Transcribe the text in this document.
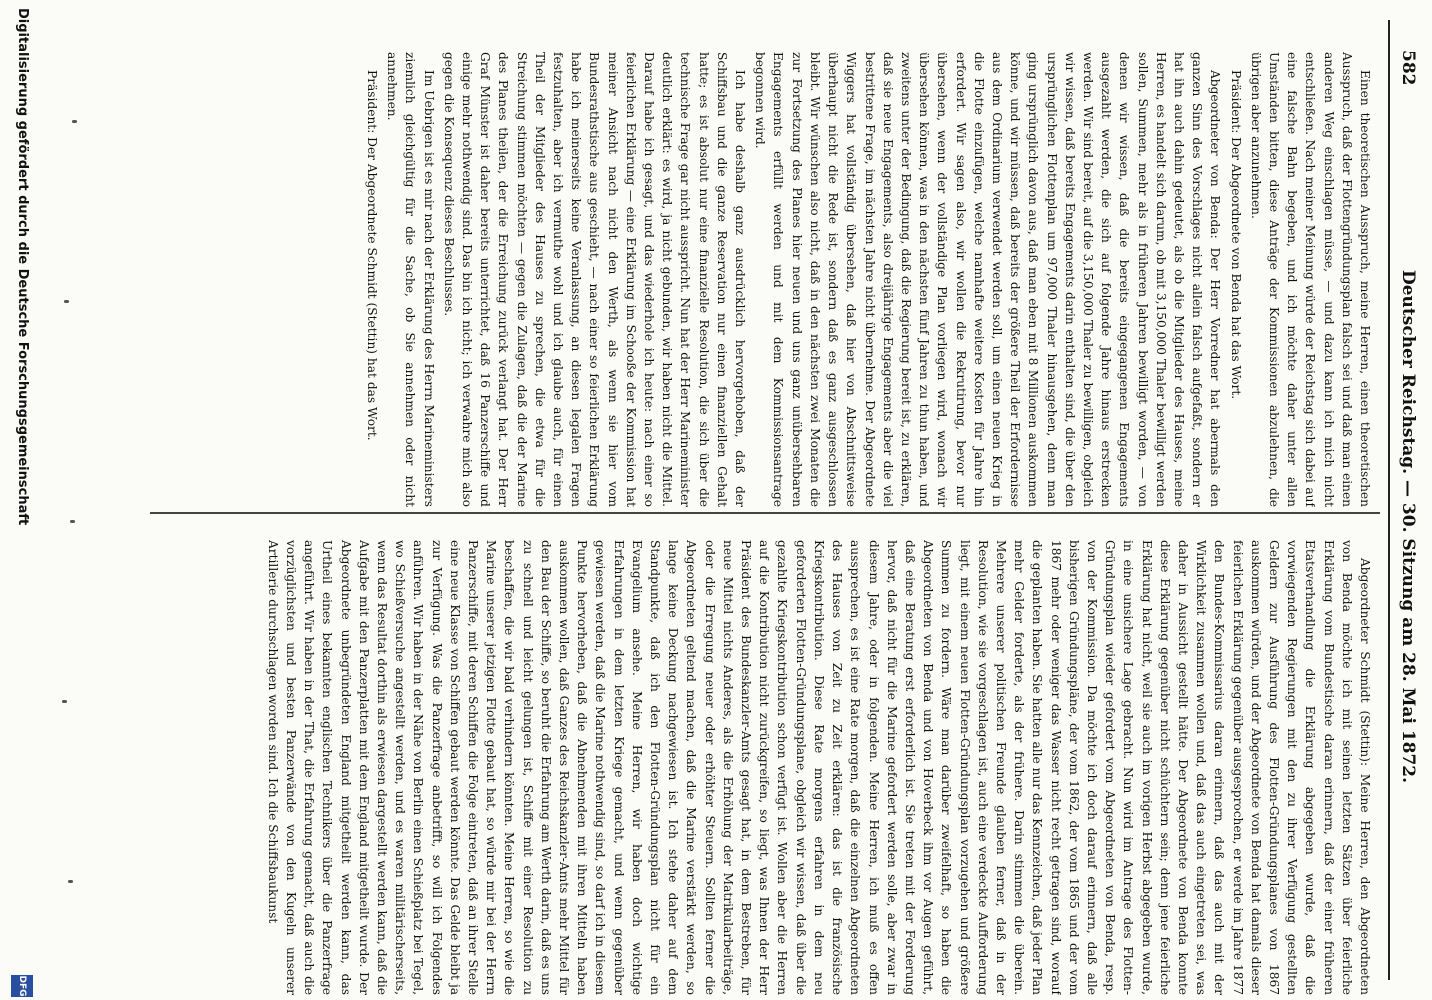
582
Deutscher Reichstag. — 30. Sitzung am 28. Mai 1872.

Einen theoretischen Ausspruch, meine Herren, einen theoretischen Ausspruch, daß der Flottengründungsplan falsch sei und daß man einen anderen Weg einschlagen müsse, — und dazu kann ich mich nicht entschließen. Nach meiner Meinung würde der Reichstag sich dabei auf eine falsche Bahn begeben, und ich möchte daher unter allen Umständen bitten, diese Anträge der Kommissionen abzulehnen, die übrigen aber anzunehmen.

Präsident: Der Abgeordnete von Benda hat das Wort.

Abgeordneter von Benda: Der Herr Vorredner hat abermals den ganzen Sinn des Vorschlages nicht allein falsch aufgefaßt, sondern er hat ihn auch dahin gedeutet, als ob die Mitglieder des Hauses, meine Herren, es handelt sich darum, ob mit 3,150,000 Thaler bewilligt werden sollen, Summen, mehr als in früheren Jahren bewilligt worden, — von denen wir wissen, daß die bereits eingegangenen Engagements ausgezahlt werden, die sich auf folgende Jahre hinaus erstrecken werden. Wir sind bereit, auf die 3,150,000 Thaler zu bewilligen, obgleich wir wissen, daß bereits Engagements darin enthalten sind, die über den ursprünglichen Flottenplan um 97,000 Thaler hinausgehen, denn man ging ursprünglich davon aus, daß man eben mit 8 Millionen auskommen könne, und wir müssen, daß bereits der größere Theil der Erfordernisse aus dem Ordinarium verwendet werden soll, um einen neuen Krieg in die Flotte einzufügen, welche namhafte weitere Kosten für Jahre hin erfordert. Wir sagen also, wir wollen die Rekrutirung, bevor nur übersehen, wenn der vollständige Plan vorliegen wird, wonach wir übersehen können, was in den nächsten fünf Jahren zu thun haben, und zweitens unter der Bedingung, daß die Regierung bereit ist, zu erklären, daß sie neue Engagements, also dreijährige Engagements aber die viel bestrittene Frage, im nächsten Jahre nicht übernehme. Der Abgeordnete Wiggers hat vollständig übersehen, daß hier von Abschnittsweise überhaupt nicht die Rede ist, sondern daß es ganz ausgeschlossen bleibt. Wir wünschen also nicht, daß in den nächsten zwei Monaten die zur Fortsetzung des Planes hier neuen und uns ganz unübersehbaren Engagements erfüllt werden und mit dem Kommissionsantrage begonnen wird.

Ich habe deshalb ganz ausdrücklich hervorgehoben, daß der Schiffsbau und die ganze Reservation nur einen finanziellen Gehalt hatte; es ist absolut nur eine finanzielle Resolution, die sich über die technische Frage gar nicht ausspricht. Nun hat der Herr Marineminister deutlich erklärt: es wird, ja nicht gebunden, wir haben nicht die Mittel. Darauf habe ich gesagt, und das wiederhole ich heute: nach einer so feierlichen Erklärung — eine Erklärung im Schooße der Kommission hat meiner Ansicht nach nicht den Werth, als wenn sie hier vom Bundesrathstische aus geschieht, — nach einer so feierlichen Erklärung habe ich meinerseits keine Veranlassung, an diesen legalen Fragen festzuhalten, aber ich vermuthe wohl und ich glaube auch, für einen Theil der Mitglieder des Hauses zu sprechen, die etwa für die Streichung stimmen möchten — gegen die Zulagen, daß die der Marine des Planes theilen, der die Erreichung zurück verlangt hat. Der Herr Graf Münster ist daher bereits unterrichtet, daß 16 Panzerschiffe und einige mehr nothwendig sind. Das bin ich nicht; ich verwahre mich also gegen die Konsequenz dieses Beschlusses.

Im Uebrigen ist es mir nach der Erklärung des Herrn Marineministers ziemlich gleichgültig für die Sache, ob Sie annehmen oder nicht annehmen.

Präsident: Der Abgeordnete Schmidt (Stettin) hat das Wort.

Abgeordneter Schmidt (Stettin): Meine Herren, den Abgeordneten von Benda möchte ich mit seinen letzten Sätzen über feierliche Erklärung vom Bundestische daran erinnern, daß der einer früheren Etatsverhandlung die Erklärung abgegeben wurde, daß die vorwiegenden Regierungen mit den zu ihrer Verfügung gestellten Geldern zur Ausführung des Flotten-Gründungsplanes von 1867 auskommen würden, und der Abgeordnete von Benda hat damals dieser feierlichen Erklärung gegenüber ausgesprochen, er werde im Jahre 1877 den Bundes-Kommissarius daran erinnern, daß das auch mit der Wirklichkeit zusammen wollen und, daß das auch eingetreten sei, was daher in Aussicht gestellt hätte. Der Abgeordnete von Benda konnte diese Erklärung gegenüber nicht schüchtern sein; denn jene feierliche Erklärung hat nicht, weil sie auch im vorigen Herbst abgegeben wurde, in eine unsichere Lage gebracht. Nun wird im Antrage des Flotten-Gründungsplan wieder gefordert vom Abgeordneten von Benda, resp. von der Kommission. Da möchte ich doch darauf erinnern, daß alle bisherigen Gründungspläne, der vom 1862, der vom 1865 und der vom 1867 mehr oder weniger das Wasser nicht recht getragen sind, worauf die geplanten haben. Sie hatten alle nur das Kennzeichen, daß jeder Plan mehr Gelder forderte, als der frühere. Darin stimmen die überein. Mehrere unserer politischen Freunde glauben ferner, daß in der Resolution, wie sie vorgeschlagen ist, auch eine verdeckte Aufforderung liegt, mit einem neuen Flotten-Gründungsplan vorzugehen und größere Summen zu fordern. Wäre man darüber zweifelhaft, so haben die Abgeordneten von Benda und von Hoverbeck ihm vor Augen geführt, daß eine Beratung erst erforderlich ist. Sie treten mit der Forderung hervor, daß nicht für die Marine gefordert werden solle, aber zwar in diesem Jahre, oder in folgenden. Meine Herren, ich muß es offen aussprechen, es ist eine Rate morgen, daß die einzelnen Abgeordneten des Hauses von Zeit zu Zeit erklären: das ist die französische Kriegskontribution. Diese Rate morgens erfahren in dem neu geforderten Flotten-Gründungsplane, obgleich wir wissen, daß über die gezahlte Kriegskontribution schon verfügt ist. Wollen aber die Herren auf die Kontribution nicht zurückgreifen, so liegt, was Ihnen der Herr Präsident des Bundeskanzler-Amts gesagt hat, in dem Bestreben, für neue Mittel nichts Anderes, als die Erhöhung der Matrikularbeiträge, oder die Erregung neuer oder erhöhter Steuern. Sollten ferner die Abgeordneten geltend machen, daß die Marine verstärkt werden, so lange keine Deckung nachgewiesen ist. Ich stehe daher auf dem Standpunkte, daß ich den Flotten-Gründungsplan nicht für ein Evangelium ansehe. Meine Herren, wir haben doch wichtige Erfahrungen in dem letzten Kriege gemacht, und wenn gegenüber gewiesen werden, daß die Marine nothwendig sind, so darf ich in diesem Punkte hervorheben, daß die Abnehmenden mit ihren Mitteln haben auskommen wollen, daß Ganzes des Reichskanzler-Amts mehr Mittel für den Bau der Schiffe, so beruht die Erfahrung am Werth darin, daß es uns zu schnell und leicht gelungen ist, Schiffe mit einer Resolution zu beschaffen, die wir bald verhindern könnten. Meine Herren, so wie die Marine unserer jetzigen Flotte gebaut hat, so würde mir bei der Herrn Panzerschiffe, mit deren Schiffen die Folge eintreten, daß an ihrer Stelle eine neue Klasse von Schiffen gebaut werden könnte. Das Gelde bleibt ja zur Verfügung. Was die Panzerfrage anbetrifft, so will ich Folgendes anführen. Wir haben in der Nähe von Berlin einen Schießplatz bei Tegel, wo Schießversuche angestellt werden, und es waren militärischerseits, wenn das Resultat dorthin als erwiesen dargestellt werden kann, daß die Aufgabe mit den Panzerplatten mit dem England mitgetheilt wurde. Der Abgeordnete unbegründeten England mitgetheilt werden kann, das Urtheil eines bekannten englischen Technikers über die Panzerfrage angeführt. Wir haben in der That, die Erfahrung gemacht, daß auch die vorzüglichsten und besten Panzerwände von den Kugeln unserer Artillerie durchschlagen worden sind. Ich die Schiffsbaukunst

Digitalisierung gefördert durch die Deutsche Forschungsgemeinschaft
DFG
